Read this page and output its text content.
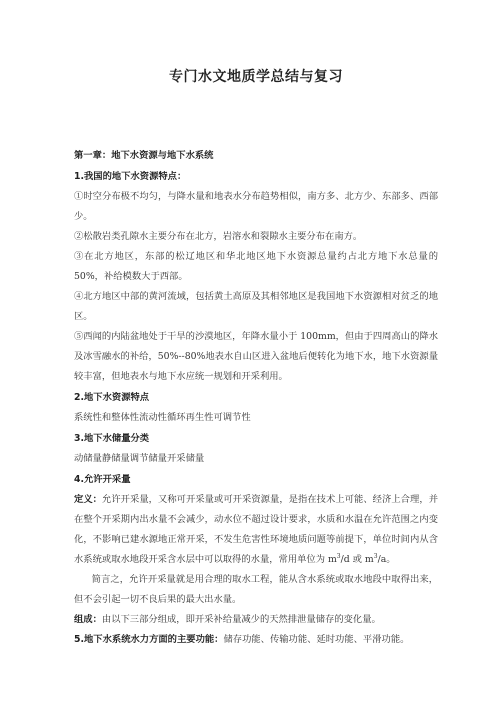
专门水文地质学总结与复习
第一章：地下水资源与地下水系统
1.我国的地下水资源特点：

①时空分布极不均匀，与降水量和地表水分布趋势相似，南方多、北方少、东部多、西部少。

②松散岩类孔隙水主要分布在北方，岩溶水和裂隙水主要分布在南方。

③在北方地区，东部的松辽地区和华北地区地下水资源总量约占北方地下水总量的 50%，补给模数大于西部。

④北方地区中部的黄河流域，包括黄土高原及其相邻地区是我国地下水资源相对贫乏的地区。

⑤西闻的内陆盆地处于干旱的沙漠地区，年降水量小于 100mm，但由于四周高山的降水及冰雪融水的补给，50%--80%地表水自山区进入盆地后便转化为地下水，地下水资源量较丰富，但地表水与地下水应统一规划和开采利用。

2.地下水资源特点

系统性和整体性流动性循环再生性可调节性

3.地下水储量分类

动储量静储量调节储量开采储量

4.允许开采量

定义：允许开采量，又称可开采量或可开采资源量，是指在技术上可能、经济上合理，并在整个开采期内出水量不会减少，动水位不超过设计要求，水质和水温在允许范围之内变化，不影响已建水源地正常开采，不发生危害性环境地质问题等前提下，单位时间内从含水系统或取水地段开采含水层中可以取得的水量，常用单位为 $m^3/d$ 或 $m^3/a$。

简言之，允许开采量就是用合理的取水工程，能从含水系统或取水地段中取得出来，但不会引起一切不良后果的最大出水量。

组成：由以下三部分组成，即开采补给量减少的天然排泄量储存的变化量。

5.地下水系统水力方面的主要功能：储存功能、传输功能、延时功能、平滑功能。
